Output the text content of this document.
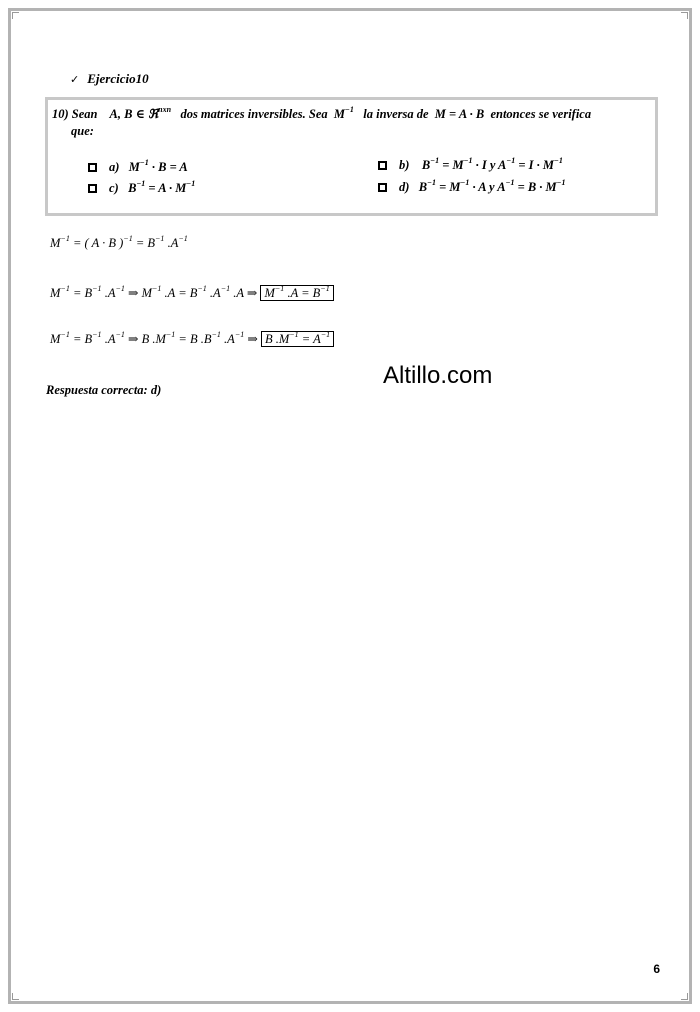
✓ Ejercicio10
10) Sean A, B ∈ ℜ$^{nxn}$ dos matrices inversibles. Sea $M^{-1}$ la inversa de M = A · B entonces se verifica
que:
a) $M^{-1} \cdot B = A$	b) $B^{-1} = M^{-1} \cdot I$ y $A^{-1} = I \cdot M^{-1}$
c) $B^{-1} = A \cdot M^{-1}$	d) $B^{-1} = M^{-1} \cdot A$ y $A^{-1} = B \cdot M^{-1}$
$M^{-1}$ = ( A · B )$^{-1} = B^{-1}$ $.A^{-1}$
$M^{-1} = B^{-1}$ $.A^{-1}$ ⇒ $M^{-1}$ $.A = B^{-1}$ $.A^{-1}$ .A ⇒ $M^{-1}$ $.A = B^{-1}$
$M^{-1} = B^{-1}$ $.A^{-1}$ ⇒ B $.M^{-1} = B$ $.B^{-1}$ $.A^{-1}$ ⇒ B $.M^{-1} = A^{-1}$
Altillo.com
Respuesta correcta: d)
6
